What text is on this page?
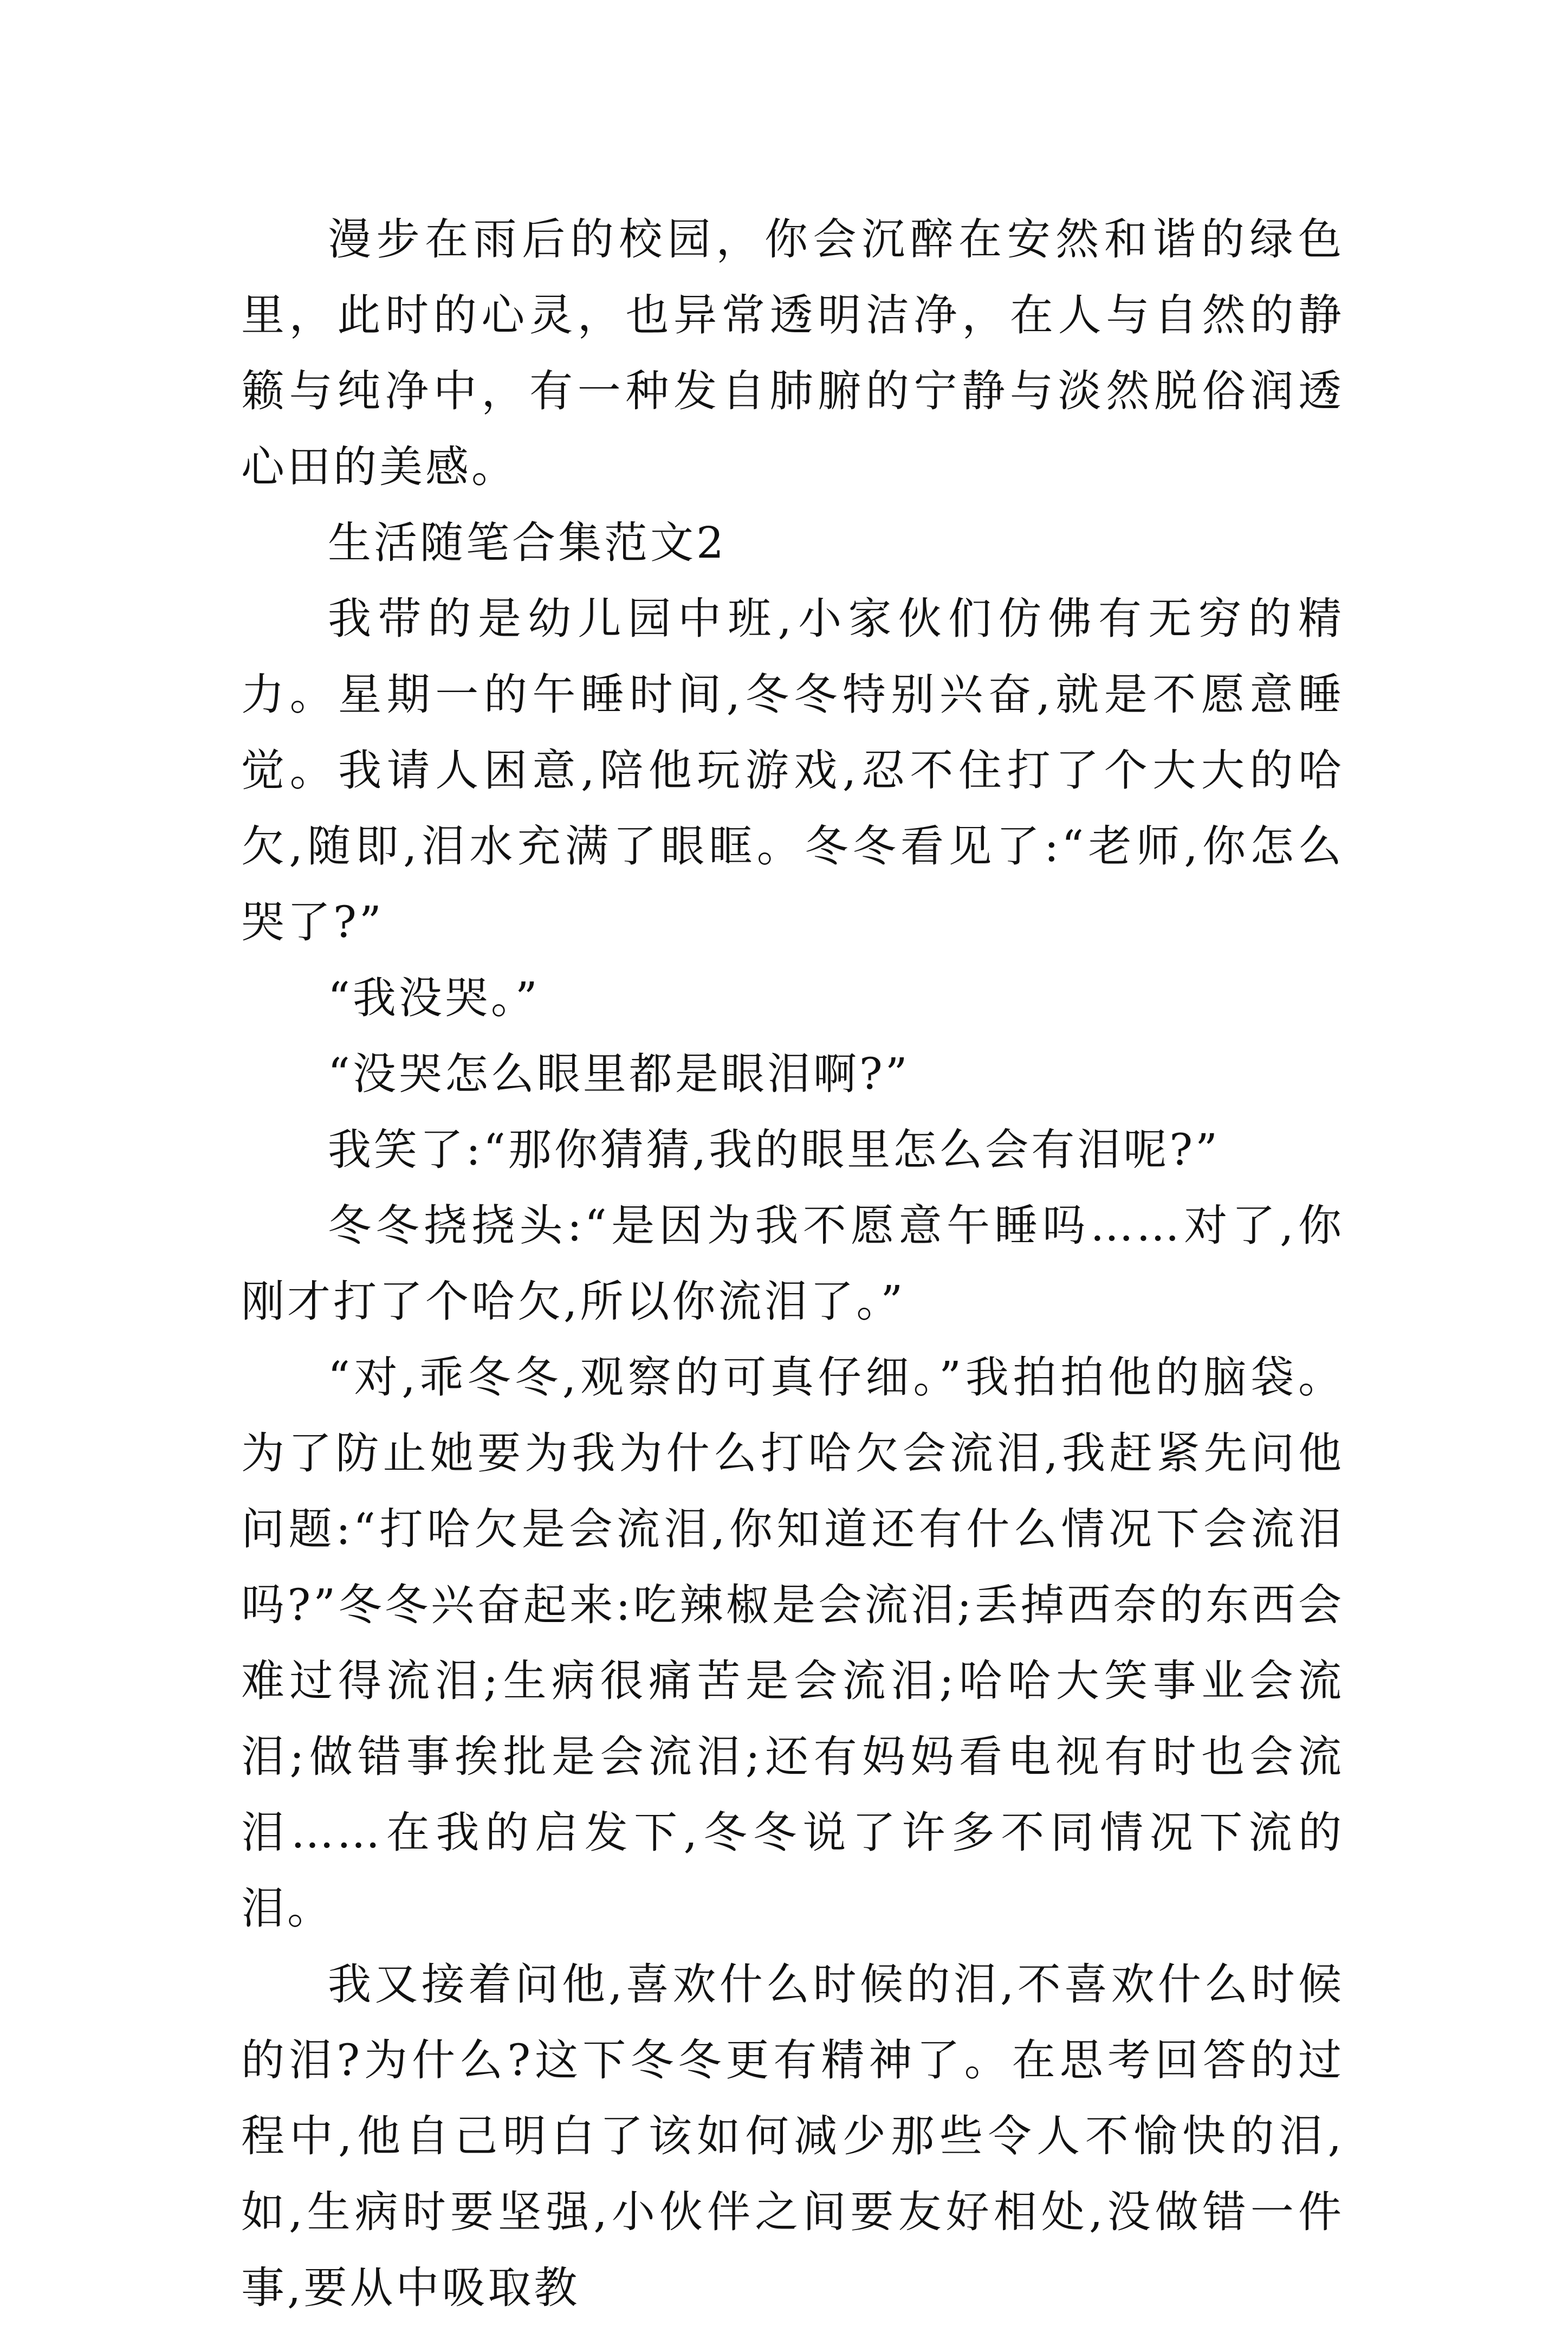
漫步在雨后的校园，你会沉醉在安然和谐的绿色里，此时的心灵，也异常透明洁净，在人与自然的静籁与纯净中，有一种发自肺腑的宁静与淡然脱俗润透心田的美感。

生活随笔合集范文2

我带的是幼儿园中班,小家伙们仿佛有无穷的精力。星期一的午睡时间,冬冬特别兴奋,就是不愿意睡觉。我请人困意,陪他玩游戏,忍不住打了个大大的哈欠,随即,泪水充满了眼眶。冬冬看见了:“老师,你怎么哭了?”

“我没哭。”

“没哭怎么眼里都是眼泪啊?”

我笑了:“那你猜猜,我的眼里怎么会有泪呢?”

冬冬挠挠头:“是因为我不愿意午睡吗……对了,你刚才打了个哈欠,所以你流泪了。”

“对,乖冬冬,观察的可真仔细。”我拍拍他的脑袋。为了防止她要为我为什么打哈欠会流泪,我赶紧先问他问题:“打哈欠是会流泪,你知道还有什么情况下会流泪吗?”冬冬兴奋起来:吃辣椒是会流泪;丢掉西奈的东西会难过得流泪;生病很痛苦是会流泪;哈哈大笑事业会流泪;做错事挨批是会流泪;还有妈妈看电视有时也会流泪……在我的启发下,冬冬说了许多不同情况下流的泪。

我又接着问他,喜欢什么时候的泪,不喜欢什么时候的泪?为什么?这下冬冬更有精神了。在思考回答的过程中,他自己明白了该如何减少那些令人不愉快的泪,如,生病时要坚强,小伙伴之间要友好相处,没做错一件事,要从中吸取教
